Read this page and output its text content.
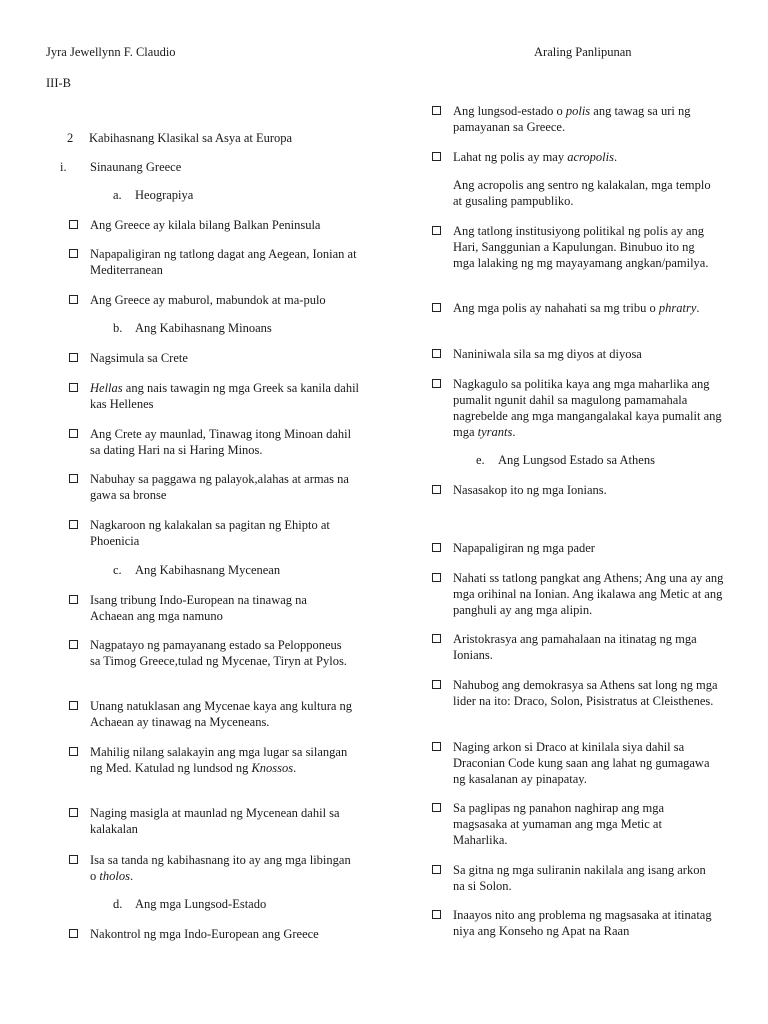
Jyra Jewellynn F. Claudio	Araling Panlipunan
III-B
2 Kabihasnang Klasikal sa Asya at Europa
i. Sinaunang Greece
a. Heograpiya
Ang Greece ay kilala bilang Balkan Peninsula
Napapaligiran ng tatlong dagat ang Aegean, Ionian at Mediterranean
Ang Greece ay maburol, mabundok at ma-pulo
b. Ang Kabihasnang Minoans
Nagsimula sa Crete
Hellas ang nais tawagin ng mga Greek sa kanila dahil kas Hellenes
Ang Crete ay maunlad, Tinawag itong Minoan dahil sa dating Hari na si Haring Minos.
Nabuhay sa paggawa ng palayok,alahas at armas na gawa sa bronse
Nagkaroon ng kalakalan sa pagitan ng Ehipto at Phoenicia
c. Ang Kabihasnang Mycenean
Isang tribung Indo-European na tinawag na Achaean ang mga namuno
Nagpatayo ng pamayanang estado sa Pelopponeus sa Timog Greece,tulad ng Mycenae, Tiryn at Pylos.
Unang natuklasan ang Mycenae kaya ang kultura ng Achaean ay tinawag na Myceneans.
Mahilig nilang salakayin ang mga lugar sa silangan ng Med. Katulad ng lundsod ng Knossos.
Naging masigla at maunlad ng Mycenean dahil sa kalakalan
Isa sa tanda ng kabihasnang ito ay ang mga libingan o tholos.
d. Ang mga Lungsod-Estado
Nakontrol ng mga Indo-European ang Greece
Ang lungsod-estado o polis ang tawag sa uri ng pamayanan sa Greece.
Lahat ng polis ay may acropolis.
Ang acropolis ang sentro ng kalakalan, mga templo at gusaling pampubliko.
Ang tatlong institusiyong politikal ng polis ay ang Hari, Sanggunian a Kapulungan. Binubuo ito ng mga lalaking ng mg mayayamang angkan/pamilya.
Ang mga polis ay nahahati sa mg tribu o phratry.
Naniniwala sila sa mg diyos at diyosa
Nagkagulo sa politika kaya ang mga maharlika ang pumalit ngunit dahil sa magulong pamamahala nagrebelde ang mga mangangalakal kaya pumalit ang mga tyrants.
e. Ang Lungsod Estado sa Athens
Nasasakop ito ng mga Ionians.
Napapaligiran ng mga pader
Nahati ss tatlong pangkat ang Athens; Ang una ay ang mga orihinal na Ionian. Ang ikalawa ang Metic at ang panghuli ay ang mga alipin.
Aristokrasya ang pamahalaan na itinatag ng mga Ionians.
Nahubog ang demokrasya sa Athens sat long ng mga lider na ito: Draco, Solon, Pisistratus at Cleisthenes.
Naging arkon si Draco at kinilala siya dahil sa Draconian Code kung saan ang lahat ng gumagawa ng kasalanan ay pinapatay.
Sa paglipas ng panahon naghirap ang mga magsasaka at yumaman ang mga Metic at Maharlika.
Sa gitna ng mga suliranin nakilala ang isang arkon na si Solon.
Inaayos nito ang problema ng magsasaka at itinatag niya ang Konseho ng Apat na Raan
